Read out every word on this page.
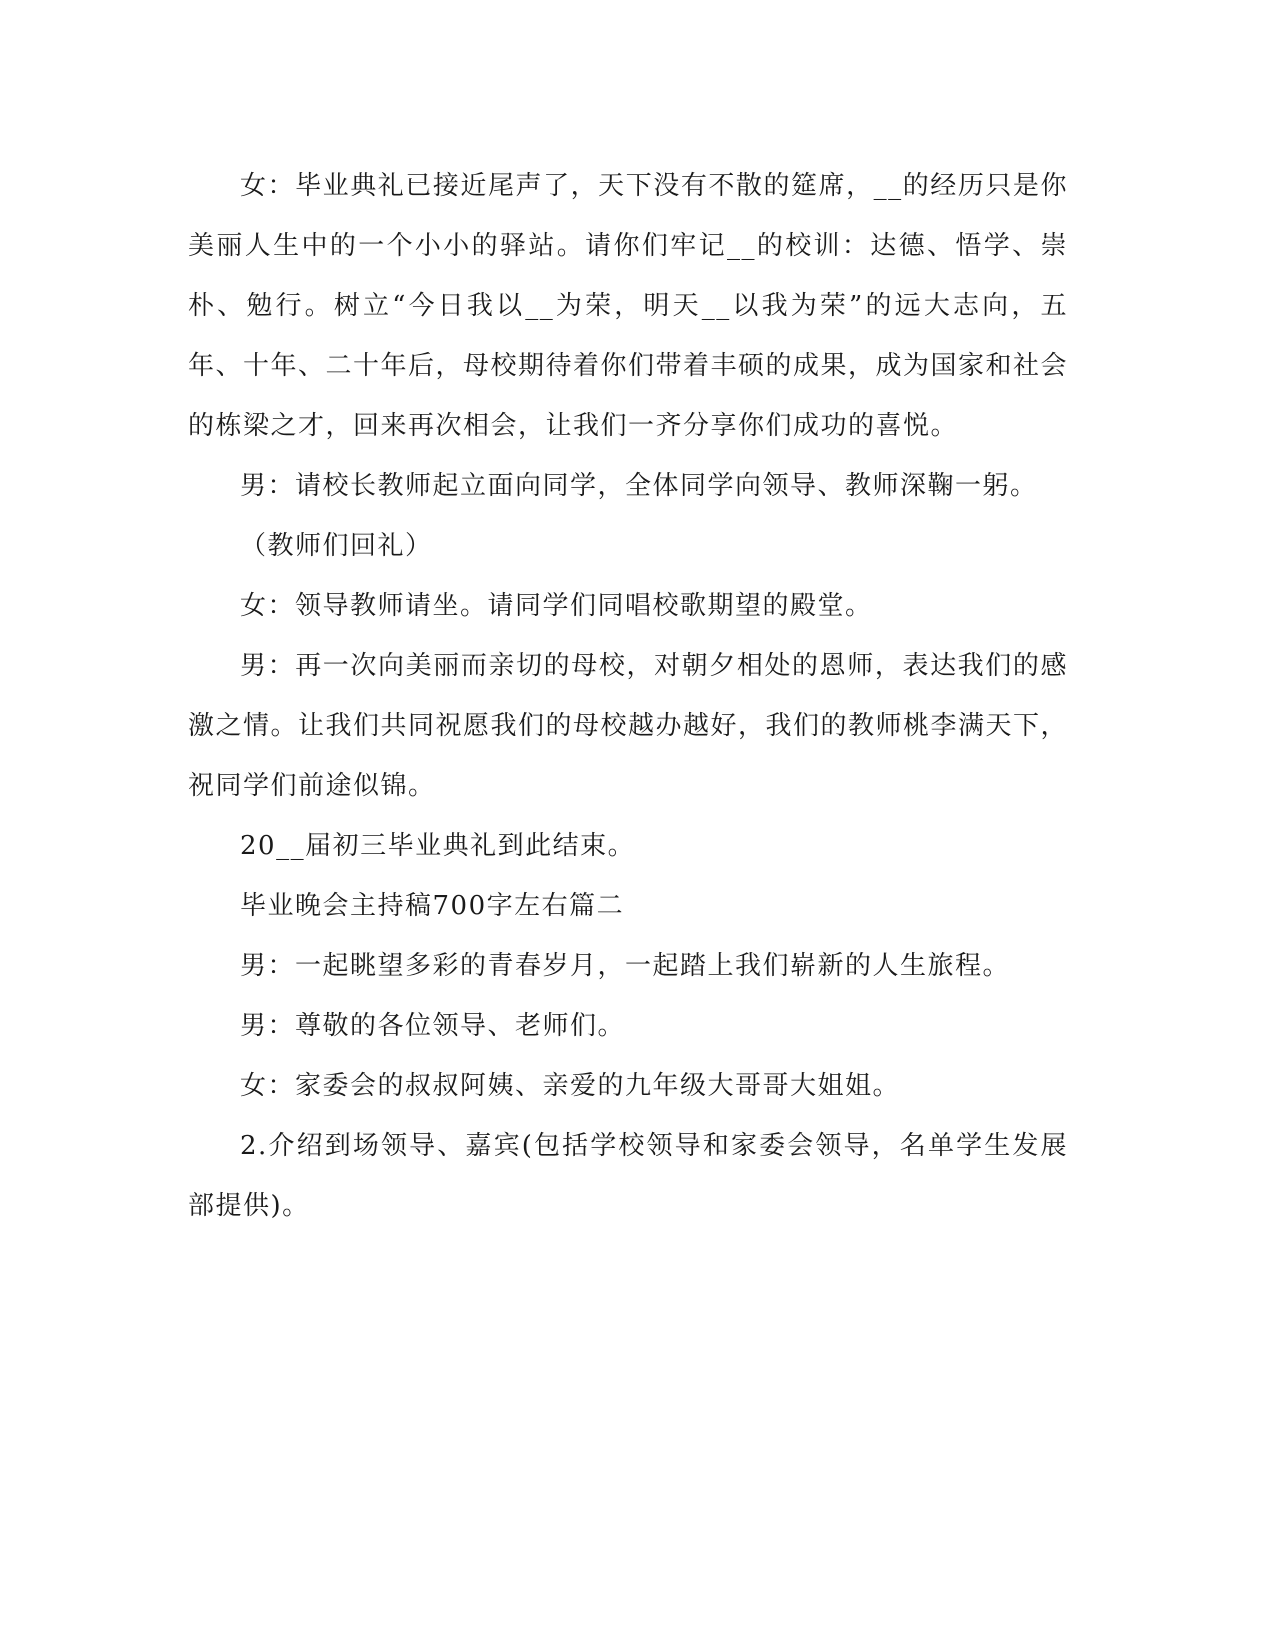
女：毕业典礼已接近尾声了，天下没有不散的筵席，__的经历只是你美丽人生中的一个小小的驿站。请你们牢记__的校训：达德、悟学、崇朴、勉行。树立“今日我以__为荣，明天__以我为荣”的远大志向，五年、十年、二十年后，母校期待着你们带着丰硕的成果，成为国家和社会的栋梁之才，回来再次相会，让我们一齐分享你们成功的喜悦。

男：请校长教师起立面向同学，全体同学向领导、教师深鞠一躬。

（教师们回礼）

女：领导教师请坐。请同学们同唱校歌期望的殿堂。

男：再一次向美丽而亲切的母校，对朝夕相处的恩师，表达我们的感激之情。让我们共同祝愿我们的母校越办越好，我们的教师桃李满天下，祝同学们前途似锦。

20__届初三毕业典礼到此结束。

毕业晚会主持稿700字左右篇二

男：一起眺望多彩的青春岁月，一起踏上我们崭新的人生旅程。

男：尊敬的各位领导、老师们。

女：家委会的叔叔阿姨、亲爱的九年级大哥哥大姐姐。

2.介绍到场领导、嘉宾(包括学校领导和家委会领导，名单学生发展部提供)。
